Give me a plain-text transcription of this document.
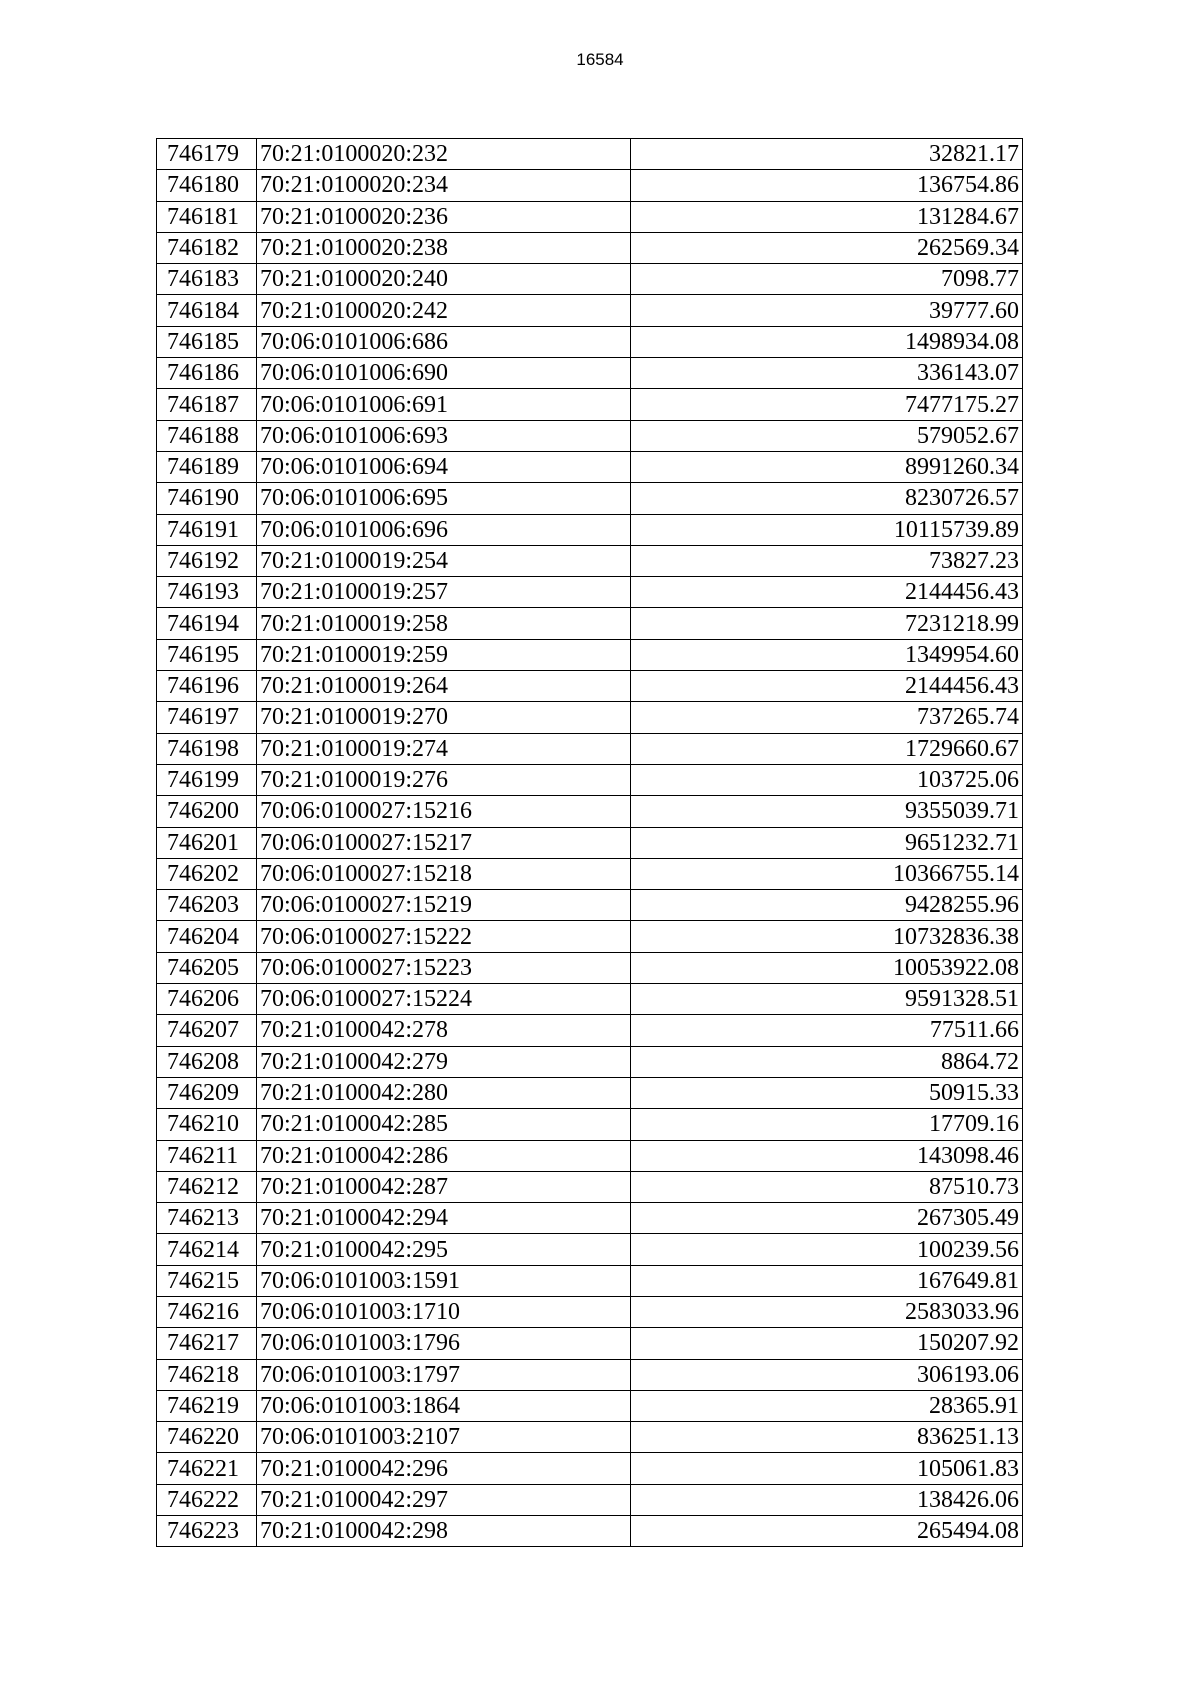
16584
746179	70:21:0100020:232	32821.17
746180	70:21:0100020:234	136754.86
746181	70:21:0100020:236	131284.67
746182	70:21:0100020:238	262569.34
746183	70:21:0100020:240	7098.77
746184	70:21:0100020:242	39777.60
746185	70:06:0101006:686	1498934.08
746186	70:06:0101006:690	336143.07
746187	70:06:0101006:691	7477175.27
746188	70:06:0101006:693	579052.67
746189	70:06:0101006:694	8991260.34
746190	70:06:0101006:695	8230726.57
746191	70:06:0101006:696	10115739.89
746192	70:21:0100019:254	73827.23
746193	70:21:0100019:257	2144456.43
746194	70:21:0100019:258	7231218.99
746195	70:21:0100019:259	1349954.60
746196	70:21:0100019:264	2144456.43
746197	70:21:0100019:270	737265.74
746198	70:21:0100019:274	1729660.67
746199	70:21:0100019:276	103725.06
746200	70:06:0100027:15216	9355039.71
746201	70:06:0100027:15217	9651232.71
746202	70:06:0100027:15218	10366755.14
746203	70:06:0100027:15219	9428255.96
746204	70:06:0100027:15222	10732836.38
746205	70:06:0100027:15223	10053922.08
746206	70:06:0100027:15224	9591328.51
746207	70:21:0100042:278	77511.66
746208	70:21:0100042:279	8864.72
746209	70:21:0100042:280	50915.33
746210	70:21:0100042:285	17709.16
746211	70:21:0100042:286	143098.46
746212	70:21:0100042:287	87510.73
746213	70:21:0100042:294	267305.49
746214	70:21:0100042:295	100239.56
746215	70:06:0101003:1591	167649.81
746216	70:06:0101003:1710	2583033.96
746217	70:06:0101003:1796	150207.92
746218	70:06:0101003:1797	306193.06
746219	70:06:0101003:1864	28365.91
746220	70:06:0101003:2107	836251.13
746221	70:21:0100042:296	105061.83
746222	70:21:0100042:297	138426.06
746223	70:21:0100042:298	265494.08
